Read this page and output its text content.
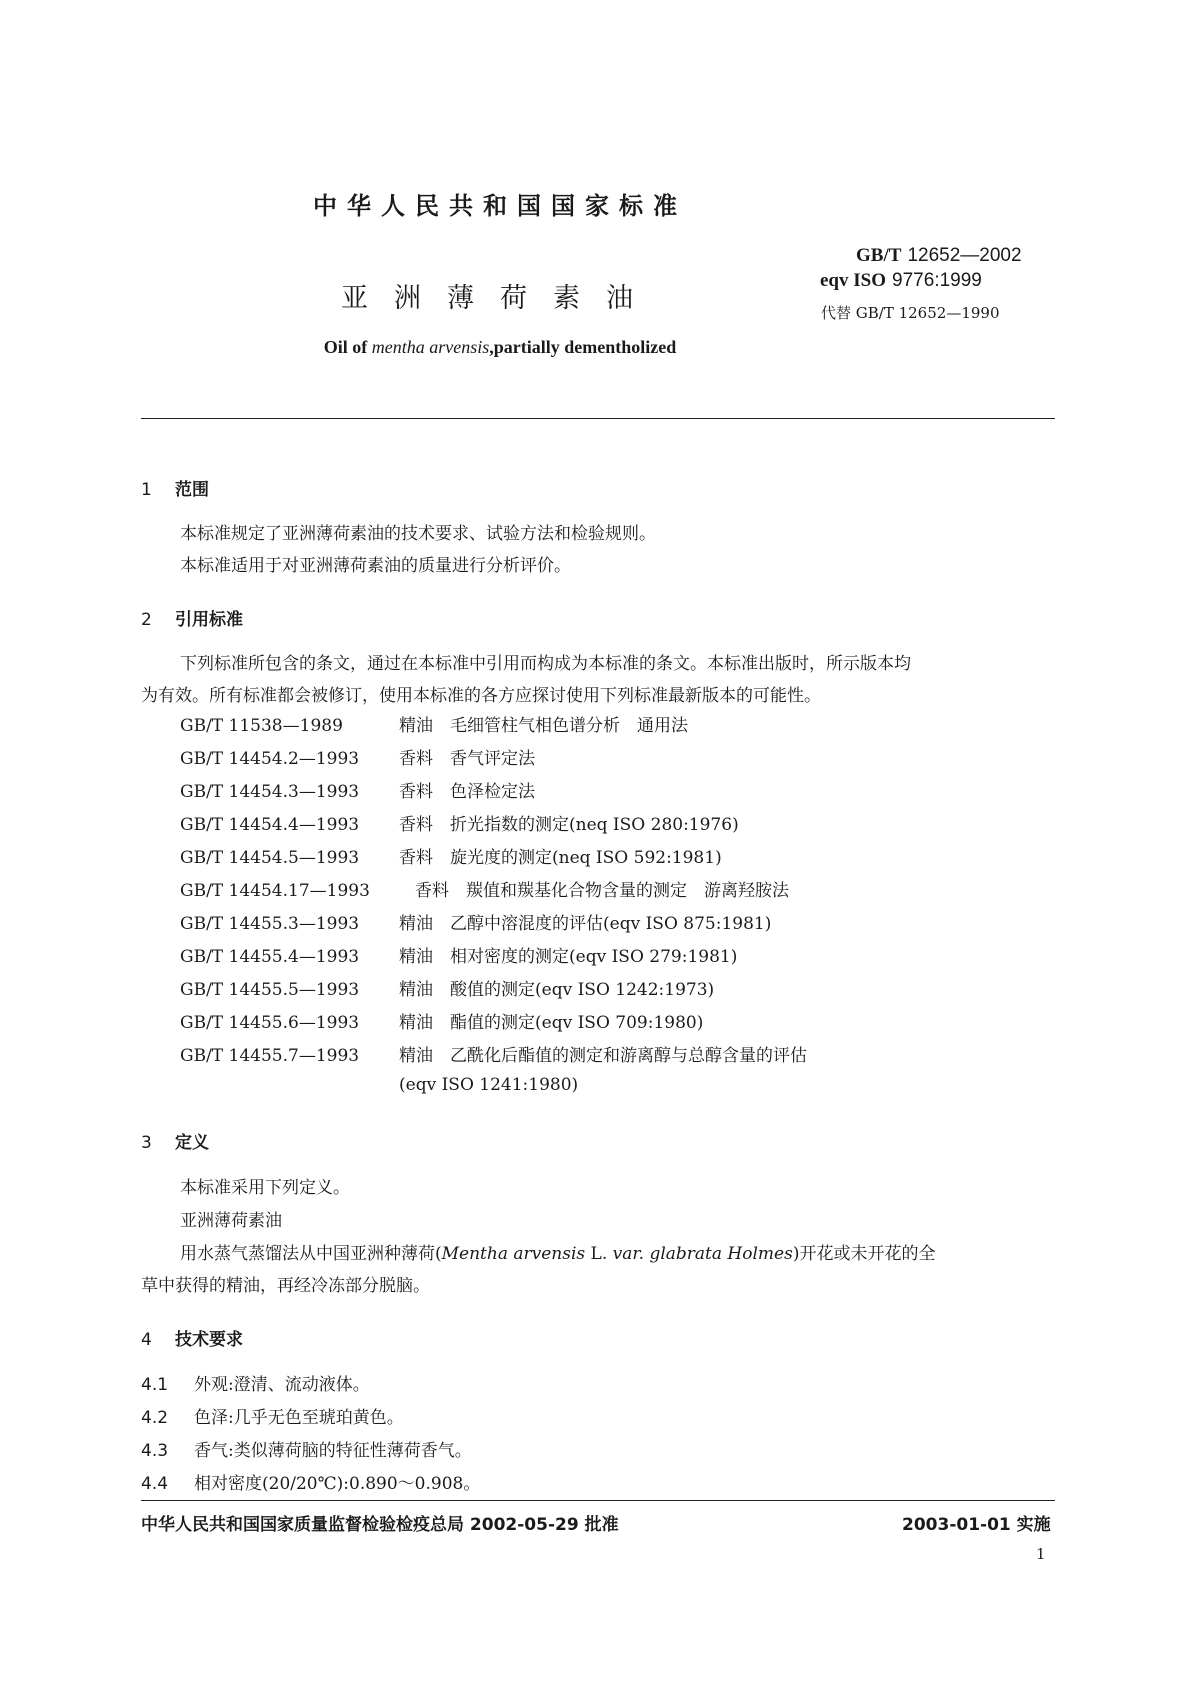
中华人民共和国国家标准
GB/T 12652—2002
eqv ISO 9776:1999
代替 GB/T 12652—1990
亚洲薄荷素油
Oil of mentha arvensis,partially dementholized
1 范围
本标准规定了亚洲薄荷素油的技术要求、试验方法和检验规则。
本标准适用于对亚洲薄荷素油的质量进行分析评价。
2 引用标准
下列标准所包含的条文，通过在本标准中引用而构成为本标准的条文。本标准出版时，所示版本均
为有效。所有标准都会被修订，使用本标准的各方应探讨使用下列标准最新版本的可能性。
GB/T 11538—1989	精油　毛细管柱气相色谱分析　通用法
GB/T 14454.2—1993 香料　香气评定法
GB/T 14454.3—1993 香料　色泽检定法
GB/T 14454.4—1993 香料　折光指数的测定(neq ISO 280:1976)
GB/T 14454.5—1993 香料　旋光度的测定(neq ISO 592:1981)
GB/T 14454.17—1993	香料　羰值和羰基化合物含量的测定　游离羟胺法
GB/T 14455.3—1993 精油　乙醇中溶混度的评估(eqv ISO 875:1981)
GB/T 14455.4—1993 精油　相对密度的测定(eqv ISO 279:1981)
GB/T 14455.5—1993 精油　酸值的测定(eqv ISO 1242:1973)
GB/T 14455.6—1993 精油　酯值的测定(eqv ISO 709:1980)
GB/T 14455.7—1993 精油　乙酰化后酯值的测定和游离醇与总醇含量的评估
(eqv ISO 1241:1980)
3 定义
本标准采用下列定义。
亚洲薄荷素油
用水蒸气蒸馏法从中国亚洲种薄荷(Mentha arvensis L. var. glabrata Holmes)开花或未开花的全
草中获得的精油，再经冷冻部分脱脑。
4 技术要求
4.1 外观:澄清、流动液体。
4.2 色泽:几乎无色至琥珀黄色。
4.3 香气:类似薄荷脑的特征性薄荷香气。
4.4 相对密度(20/20℃):0.890～0.908。
中华人民共和国国家质量监督检验检疫总局 2002-05-29 批准	2003-01-01 实施
1
